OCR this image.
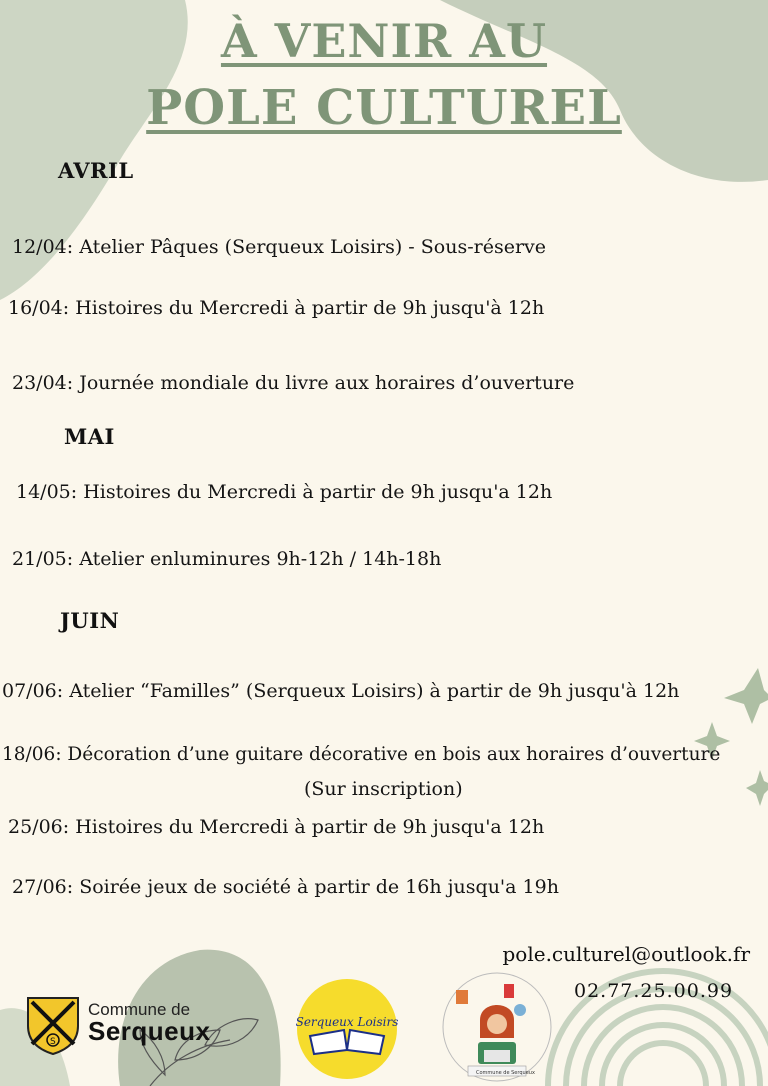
À VENIR AU
POLE CULTUREL
AVRIL
12/04: Atelier Pâques (Serqueux Loisirs) - Sous-réserve
16/04: Histoires du Mercredi à partir de 9h jusqu'à 12h
23/04: Journée mondiale du livre aux horaires d’ouverture
MAI
14/05: Histoires du Mercredi à partir de 9h jusqu'a 12h
21/05: Atelier enluminures 9h-12h / 14h-18h
JUIN
07/06: Atelier “Familles” (Serqueux Loisirs) à partir de 9h jusqu'à 12h
18/06: Décoration d’une guitare décorative en bois aux horaires d’ouverture
(Sur inscription)
25/06: Histoires du Mercredi à partir de 9h jusqu'a 12h
27/06: Soirée jeux de société à partir de 16h jusqu'a 19h
pole.culturel@outlook.fr
02.77.25.00.99
S
Commune de
Serqueux	Serqueux Loisirs
Commune de Serqueux
